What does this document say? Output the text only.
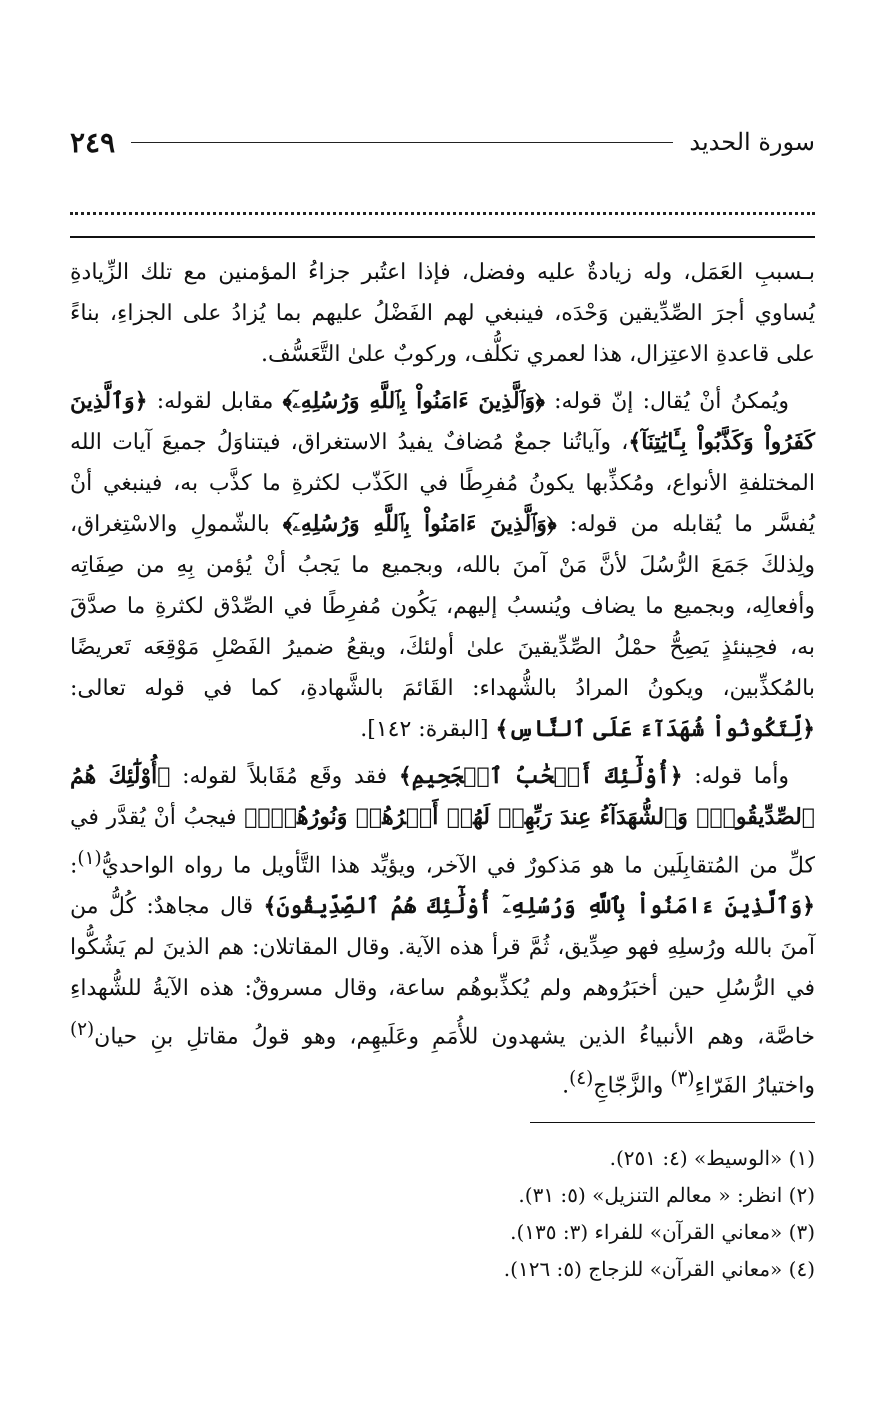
سورة الحديد
٢٤٩

بـسببِ العَمَل، وله زيادةٌ عليه وفضل، فإذا اعتُبر جزاءُ المؤمنين مع تلك الزِّيادةِ يُساوي أجرَ الصِّدِّيقين وَحْدَه، فينبغي لهم الفَضْلُ عليهم بما يُزادُ على الجزاءِ، بناءً على قاعدةِ الاعتِزال، هذا لعمري تكلُّف، وركوبٌ علىٰ التَّعَسُّف.

ويُمكنُ أنْ يُقال: إنّ قوله: ﴿وَٱلَّذِينَ ءَامَنُواْ بِٱللَّهِ وَرُسُلِهِۦٓ﴾ مقابل لقوله: ﴿وَٱلَّذِينَ كَفَرُواْ وَكَذَّبُواْ بِـَٔايَٰتِنَآ﴾، وآياتُنا جمعٌ مُضافٌ يفيدُ الاستغراق، فيتناوَلُ جميعَ آيات الله المختلفةِ الأنواع، ومُكذِّبها يكونُ مُفرِطًا في الكَذّب لكثرةِ ما كذَّب به، فينبغي أنْ يُفسَّر ما يُقابله من قوله: ﴿وَٱلَّذِينَ ءَامَنُواْ بِٱللَّهِ وَرُسُلِهِۦٓ﴾ بالشّمولِ والاسْتِغراق، ولِذلكَ جَمَعَ الرُّسُلَ لأنَّ مَنْ آمنَ بالله، وبجميع ما يَجبُ أنْ يُؤمن بِهِ من صِفَاتِه وأفعالِه، وبجميع ما يضاف ويُنسبُ إليهم، يَكُون مُفرِطًا في الصِّدْق لكثرةِ ما صدَّقَ به، فحِينئذٍ يَصِحُّ حمْلُ الصِّدِّيقينَ علىٰ أولئكَ، ويقعُ ضميرُ الفَصْلِ مَوْقِعَه تَعريضًا بالمُكذِّبين، ويكونُ المرادُ بالشُّهداء: القَائمَ بالشَّهادةِ، كما في قوله تعالى: ﴿لِّتَكُونُواْ شُهَدَآءَ عَلَى ٱلنَّاسِ﴾ [البقرة: ١٤٢].

وأما قوله: ﴿أُوْلَٰٓئِكَ أَصۡحَٰبُ ٱلۡجَحِيمِ﴾ فقد وقَع مُقَابلاً لقوله: ﴿أُوْلَٰٓئِكَ هُمُ ٱلصِّدِّيقُونَۖ وَٱلشُّهَدَآءُ عِندَ رَبِّهِمۡ لَهُمۡ أَجۡرُهُمۡ وَنُورُهُمۡۖ﴾ فيجبُ أنْ يُقدَّر في كلِّ من المُتقابِلَين ما هو مَذكورٌ في الآخر، ويؤيِّد هذا التَّأويل ما رواه الواحديُّ$^{(١)}$: ﴿وَٱلَّذِينَ ءَامَنُواْ بِٱللَّهِ وَرُسُلِهِۦٓ أُوْلَٰٓئِكَ هُمُ ٱلصِّدِّيقُونَ﴾ قال مجاهدٌ: كُلُّ من آمنَ بالله ورُسلِهِ فهو صِدِّيق، ثُمَّ قرأ هذه الآية. وقال المقاتلان: هم الذينَ لم يَشُكُّوا في الرُّسُلِ حين أخبَرُوهم ولم يُكذِّبوهُم ساعة، وقال مسروقٌ: هذه الآيةُ للشُّهداءِ خاصَّة، وهم الأنبياءُ الذين يشهدون للأُمَمِ وعَلَيهِم، وهو قولُ مقاتلِ بنِ حيان$^{(٢)}$ واختيارُ الفَرّاءِ$^{(٣)}$ والزَّجّاجِ$^{(٤)}$.

(١) «الوسيط» (٤: ٢٥١).
(٢) انظر: « معالم التنزيل» (٥: ٣١).
(٣) «معاني القرآن» للفراء (٣: ١٣٥).
(٤) «معاني القرآن» للزجاج (٥: ١٢٦).
